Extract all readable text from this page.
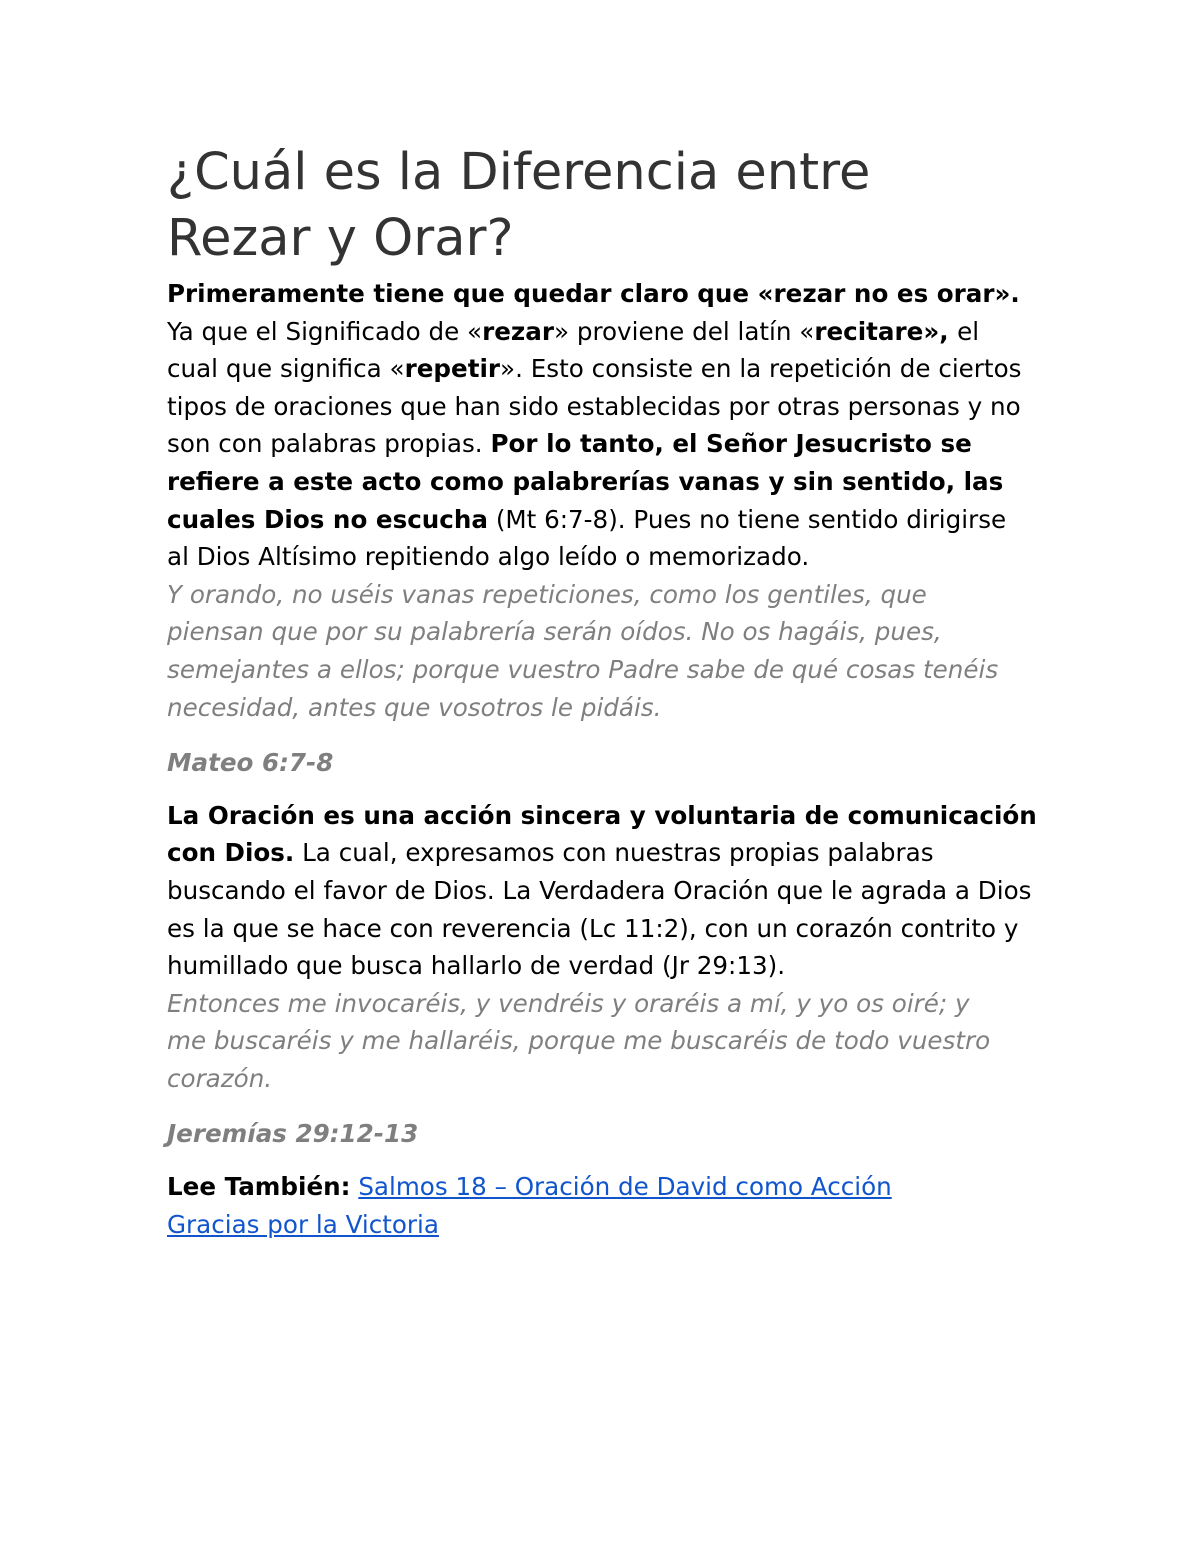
¿Cuál es la Diferencia entre Rezar y Orar?

Primeramente tiene que quedar claro que «rezar no es orar». Ya que el Significado de «rezar» proviene del latín «recitare», el cual que significa «repetir». Esto consiste en la repetición de ciertos tipos de oraciones que han sido establecidas por otras personas y no son con palabras propias. Por lo tanto, el Señor Jesucristo se refiere a este acto como palabrerías vanas y sin sentido, las cuales Dios no escucha (Mt 6:7-8). Pues no tiene sentido dirigirse al Dios Altísimo repitiendo algo leído o memorizado.

Y orando, no uséis vanas repeticiones, como los gentiles, que piensan que por su palabrería serán oídos. No os hagáis, pues, semejantes a ellos; porque vuestro Padre sabe de qué cosas tenéis necesidad, antes que vosotros le pidáis.

Mateo 6:7-8

La Oración es una acción sincera y voluntaria de comunicación con Dios. La cual, expresamos con nuestras propias palabras buscando el favor de Dios. La Verdadera Oración que le agrada a Dios es la que se hace con reverencia (Lc 11:2), con un corazón contrito y humillado que busca hallarlo de verdad (Jr 29:13).

Entonces me invocaréis, y vendréis y oraréis a mí, y yo os oiré; y me buscaréis y me hallaréis, porque me buscaréis de todo vuestro corazón.

Jeremías 29:12-13

Lee También: Salmos 18 – Oración de David como Acción Gracias por la Victoria
